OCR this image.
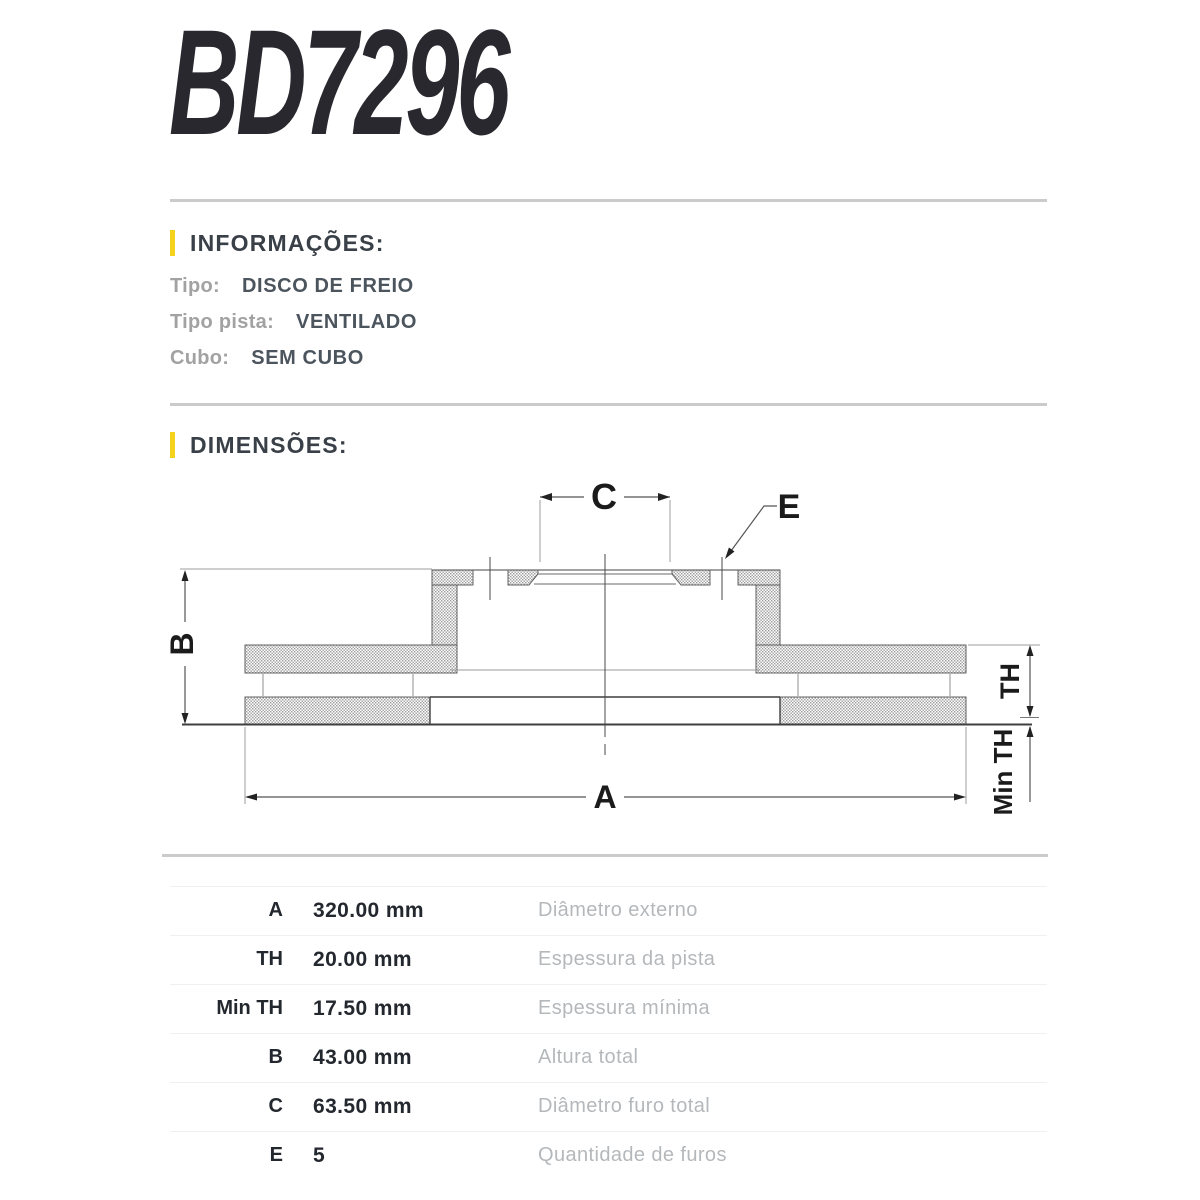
BD7296
INFORMAÇÕES:
Tipo: DISCO DE FREIO
Tipo pista: VENTILADO
Cubo: SEM CUBO
DIMENSÕES:
C	E
B
A
TH
Min TH
A 320.00 mm	Diâmetro externo
TH 20.00 mm	Espessura da pista
Min TH 17.50 mm	Espessura mínima
B 43.00 mm	Altura total
C 63.50 mm	Diâmetro furo total
E 5	Quantidade de furos
